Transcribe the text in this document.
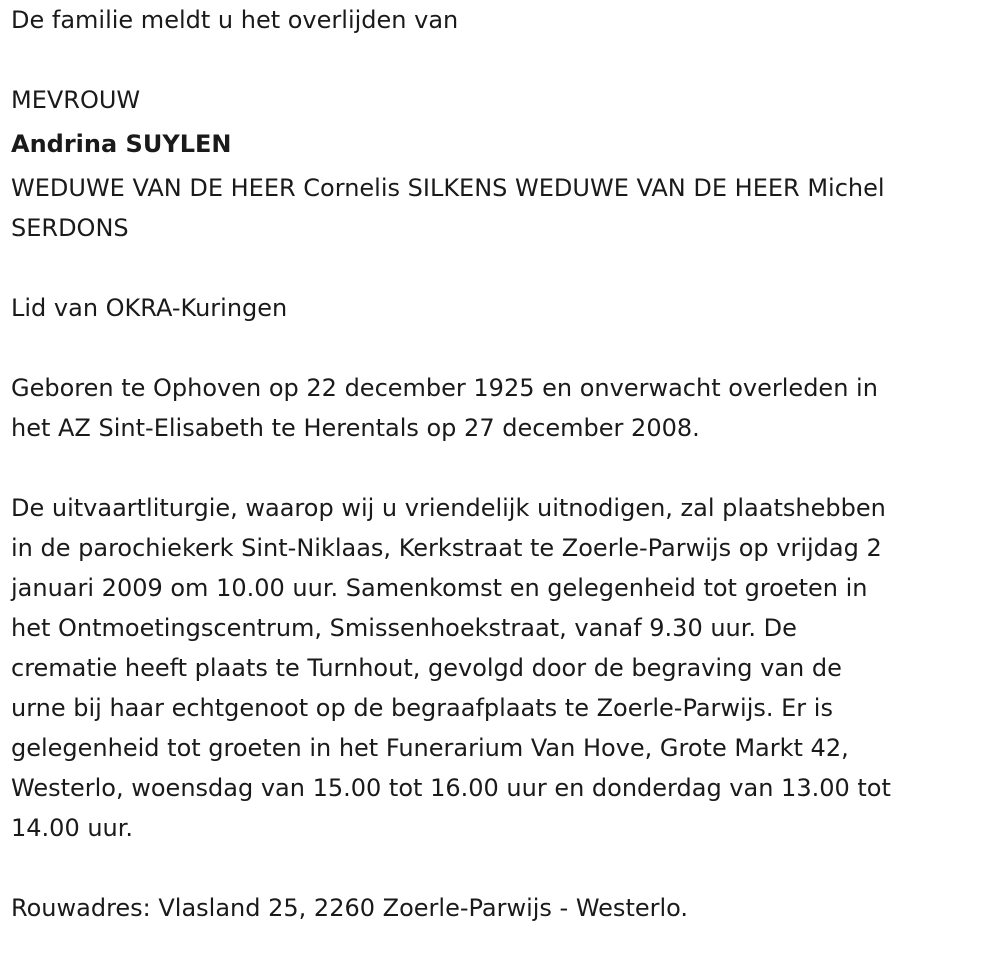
De familie meldt u het overlijden van

MEVROUW

Andrina SUYLEN

WEDUWE VAN DE HEER Cornelis SILKENS WEDUWE VAN DE HEER Michel

SERDONS

Lid van OKRA-Kuringen

Geboren te Ophoven op 22 december 1925 en onverwacht overleden in

het AZ Sint-Elisabeth te Herentals op 27 december 2008.

De uitvaartliturgie, waarop wij u vriendelijk uitnodigen, zal plaatshebben

in de parochiekerk Sint-Niklaas, Kerkstraat te Zoerle-Parwijs op vrijdag 2

januari 2009 om 10.00 uur. Samenkomst en gelegenheid tot groeten in

het Ontmoetingscentrum, Smissenhoekstraat, vanaf 9.30 uur. De

crematie heeft plaats te Turnhout, gevolgd door de begraving van de

urne bij haar echtgenoot op de begraafplaats te Zoerle-Parwijs. Er is

gelegenheid tot groeten in het Funerarium Van Hove, Grote Markt 42,

Westerlo, woensdag van 15.00 tot 16.00 uur en donderdag van 13.00 tot

14.00 uur.

Rouwadres: Vlasland 25, 2260 Zoerle-Parwijs - Westerlo.
